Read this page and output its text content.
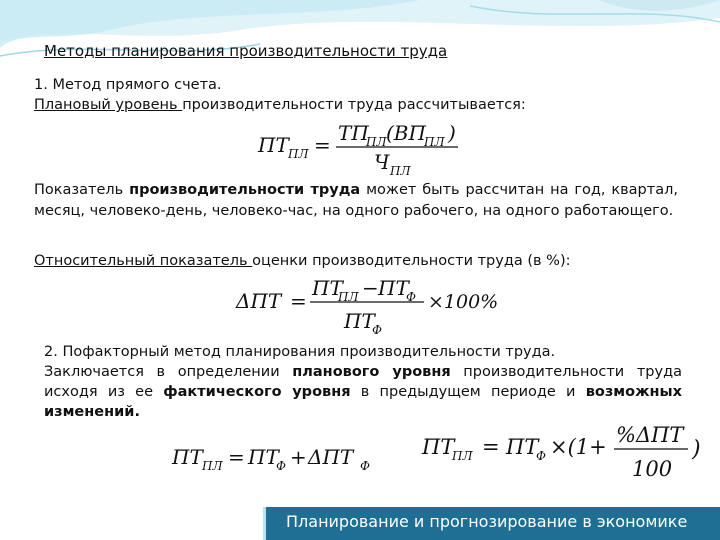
Методы планирования производительности труда
1. Метод прямого счета.
Плановый уровень производительности труда рассчитывается:
ПТ ПЛ = ТП
ПЛ (ВП
ПЛ )
Ч ПЛ
Показатель производительности труда может быть рассчитан на год, квартал, месяц, человеко-день, человеко-час, на одного рабочего, на одного работающего.
Относительный показатель оценки производительности труда (в %):
ΔПТ =
ПТ
ПЛ − ПТ
Ф
ПТ
Ф
×100%
2. Пофакторный метод планирования производительности труда.
Заключается в определении планового уровня производительности труда исходя из ее фактического уровня в предыдущем периоде и возможных изменений.
ПТ ПЛ = ПТ
Ф + ΔПТ Ф
ПТ
ПЛ = ПТ
Ф ×(1+ %ΔПТ
100
)
Планирование и прогнозирование в экономике
